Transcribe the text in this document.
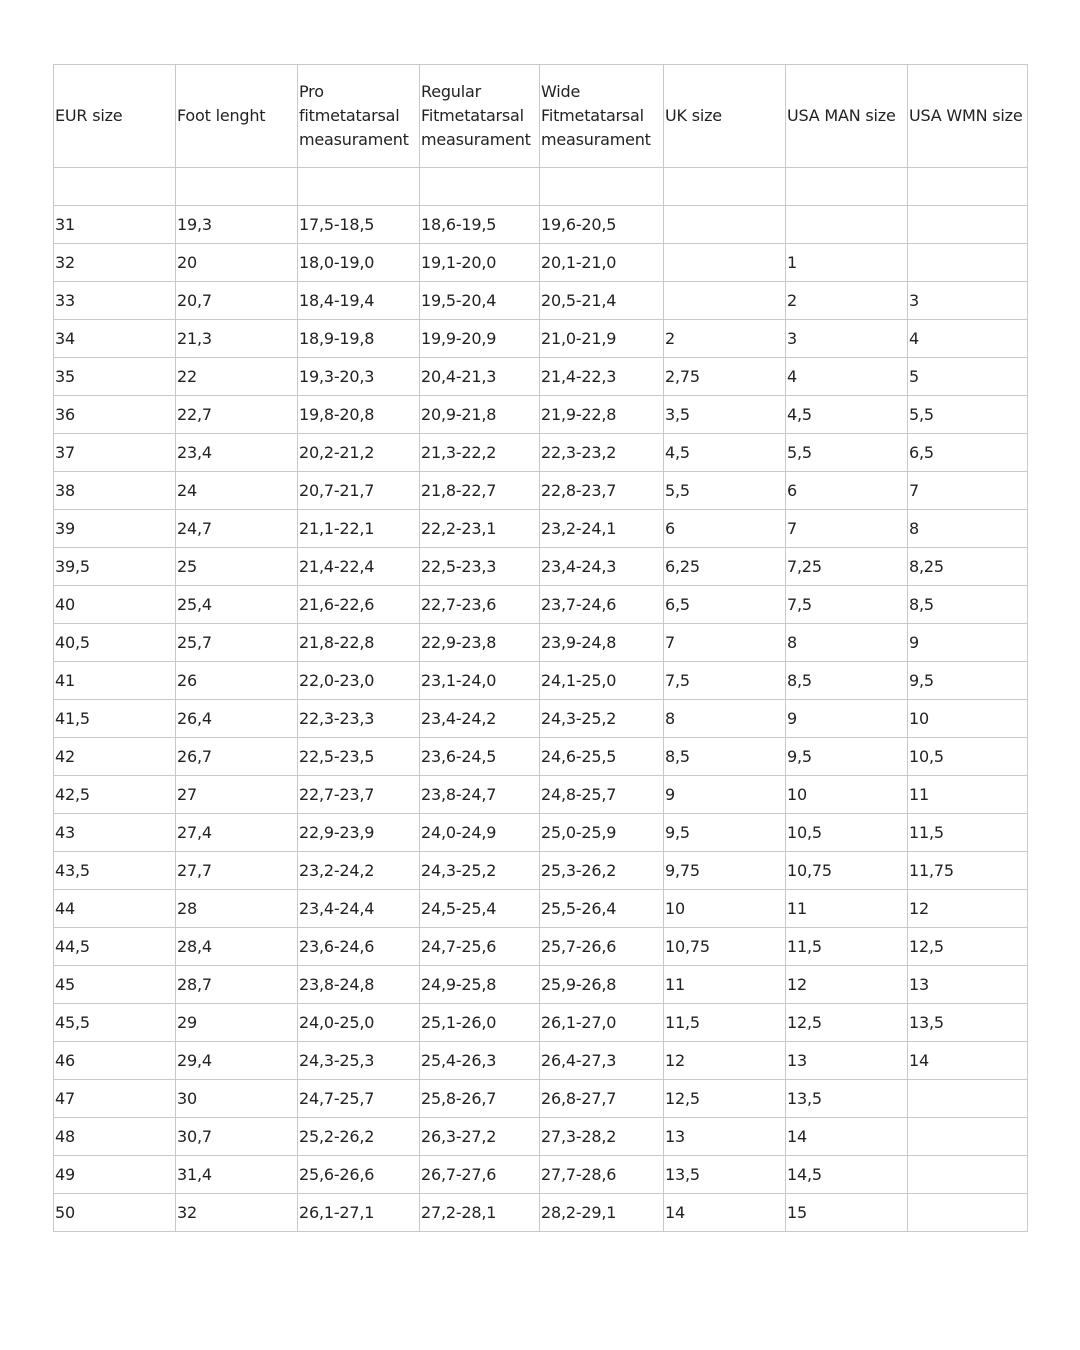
EUR size	Foot lenght	Pro
fitmetatarsal
measurament	Regular
Fitmetatarsal
measurament	Wide
Fitmetatarsal
measurament	UK size	USA MAN size	USA WMN size

31	19,3	17,5-18,5	18,6-19,5	19,6-20,5			
32	20	18,0-19,0	19,1-20,0	20,1-21,0		1	
33	20,7	18,4-19,4	19,5-20,4	20,5-21,4		2	3
34	21,3	18,9-19,8	19,9-20,9	21,0-21,9	2	3	4
35	22	19,3-20,3	20,4-21,3	21,4-22,3	2,75	4	5
36	22,7	19,8-20,8	20,9-21,8	21,9-22,8	3,5	4,5	5,5
37	23,4	20,2-21,2	21,3-22,2	22,3-23,2	4,5	5,5	6,5
38	24	20,7-21,7	21,8-22,7	22,8-23,7	5,5	6	7
39	24,7	21,1-22,1	22,2-23,1	23,2-24,1	6	7	8
39,5	25	21,4-22,4	22,5-23,3	23,4-24,3	6,25	7,25	8,25
40	25,4	21,6-22,6	22,7-23,6	23,7-24,6	6,5	7,5	8,5
40,5	25,7	21,8-22,8	22,9-23,8	23,9-24,8	7	8	9
41	26	22,0-23,0	23,1-24,0	24,1-25,0	7,5	8,5	9,5
41,5	26,4	22,3-23,3	23,4-24,2	24,3-25,2	8	9	10
42	26,7	22,5-23,5	23,6-24,5	24,6-25,5	8,5	9,5	10,5
42,5	27	22,7-23,7	23,8-24,7	24,8-25,7	9	10	11
43	27,4	22,9-23,9	24,0-24,9	25,0-25,9	9,5	10,5	11,5
43,5	27,7	23,2-24,2	24,3-25,2	25,3-26,2	9,75	10,75	11,75
44	28	23,4-24,4	24,5-25,4	25,5-26,4	10	11	12
44,5	28,4	23,6-24,6	24,7-25,6	25,7-26,6	10,75	11,5	12,5
45	28,7	23,8-24,8	24,9-25,8	25,9-26,8	11	12	13
45,5	29	24,0-25,0	25,1-26,0	26,1-27,0	11,5	12,5	13,5
46	29,4	24,3-25,3	25,4-26,3	26,4-27,3	12	13	14
47	30	24,7-25,7	25,8-26,7	26,8-27,7	12,5	13,5	
48	30,7	25,2-26,2	26,3-27,2	27,3-28,2	13	14	
49	31,4	25,6-26,6	26,7-27,6	27,7-28,6	13,5	14,5	
50	32	26,1-27,1	27,2-28,1	28,2-29,1	14	15	
